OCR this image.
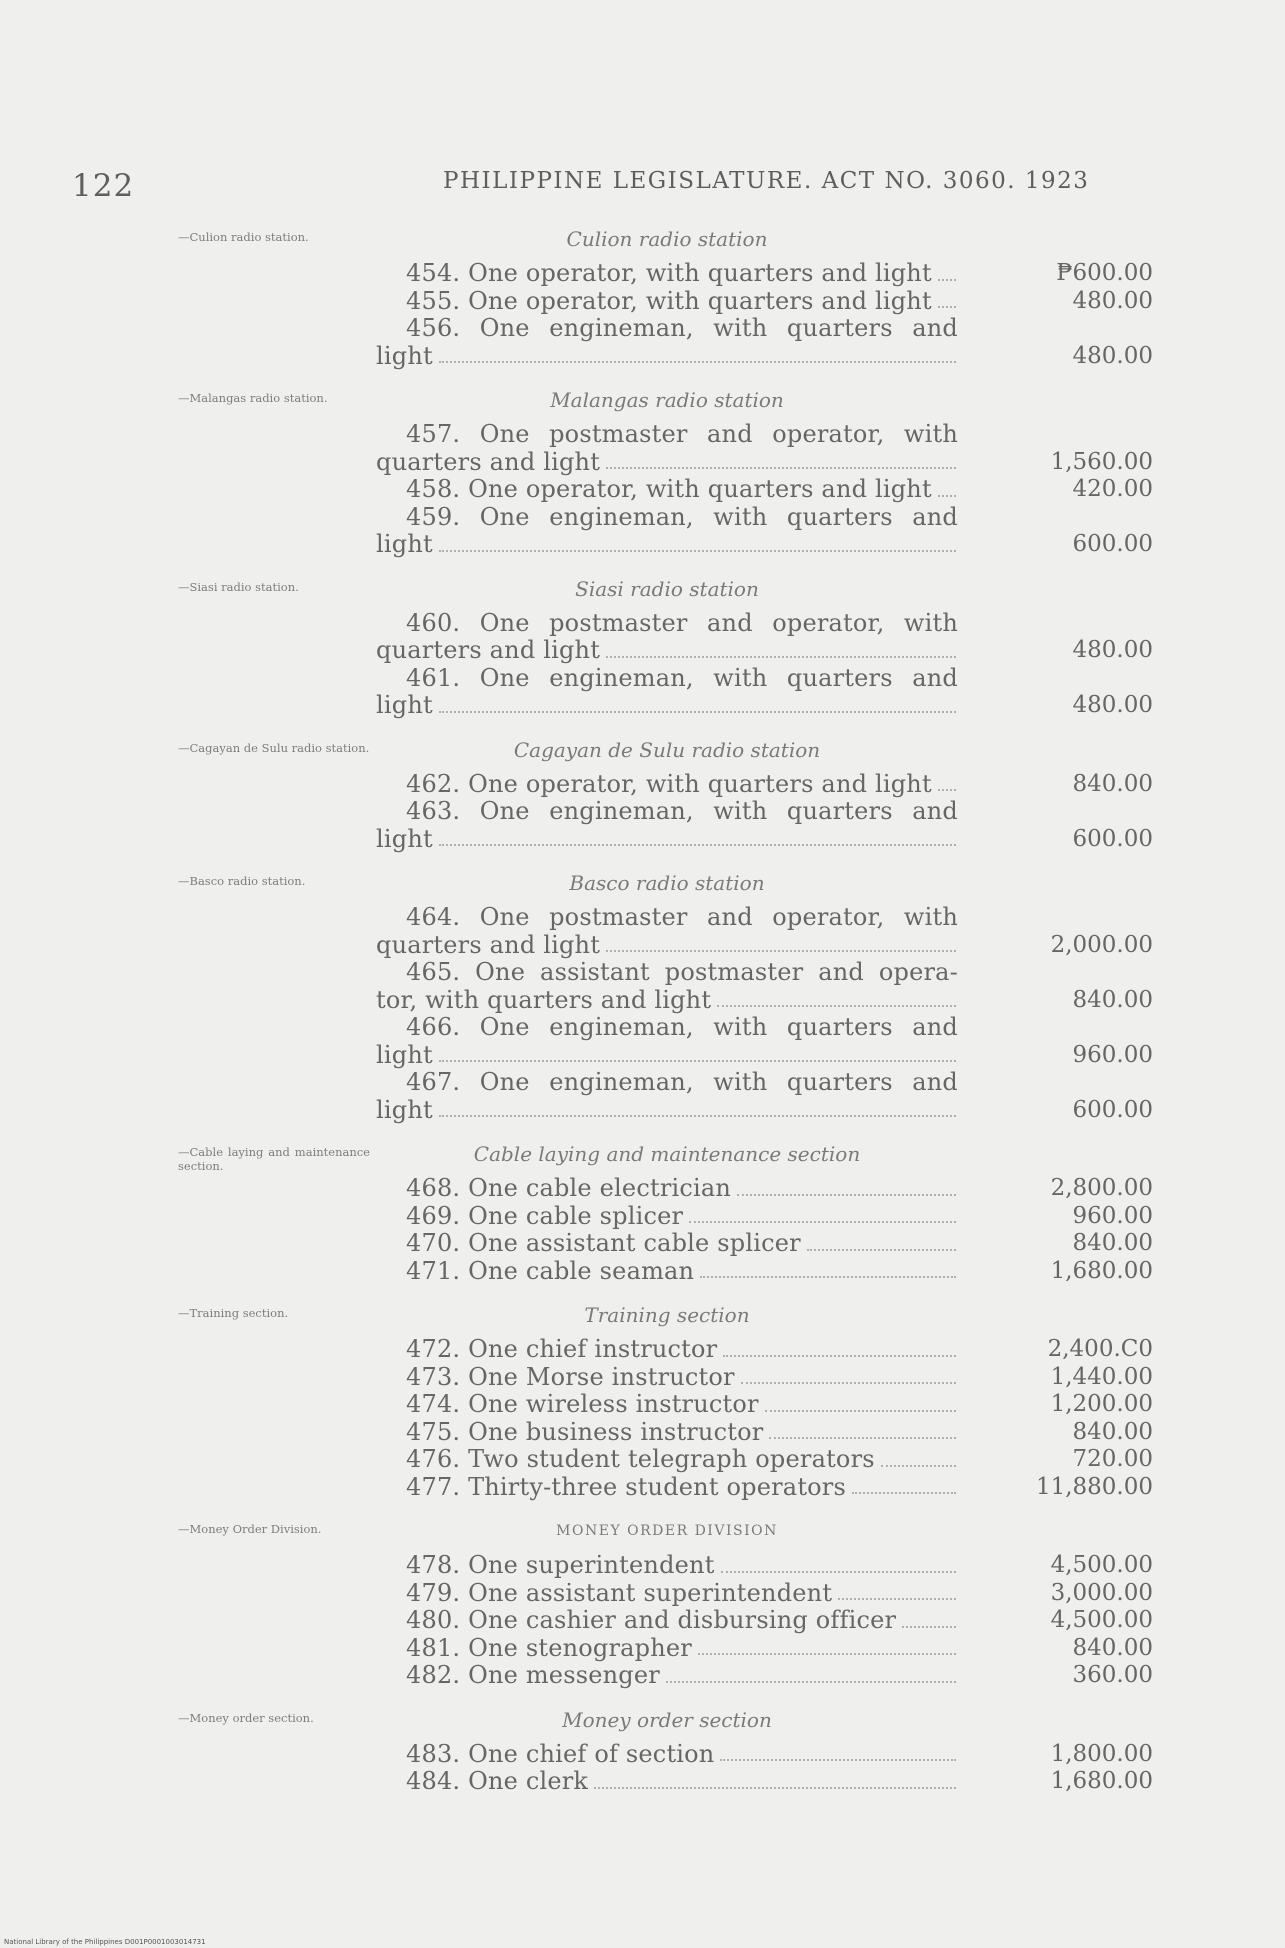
122	PHILIPPINE LEGISLATURE. ACT NO. 3060. 1923
—Culion radio station.	Culion radio station
454. One operator, with quarters and light	₱600.00
455. One operator, with quarters and light	480.00
456. One engineman, with quarters and
light	480.00
—Malangas radio station.	Malangas radio station
457. One postmaster and operator, with
quarters and light	1,560.00
458. One operator, with quarters and light	420.00
459. One engineman, with quarters and
light	600.00
—Siasi radio station.	Siasi radio station
460. One postmaster and operator, with
quarters and light	480.00
461. One engineman, with quarters and
light	480.00
—Cagayan de Sulu radio station.	Cagayan de Sulu radio station
462. One operator, with quarters and light	840.00
463. One engineman, with quarters and
light	600.00
—Basco radio station.	Basco radio station
464. One postmaster and operator, with
quarters and light	2,000.00
465. One assistant postmaster and opera-
tor, with quarters and light	840.00
466. One engineman, with quarters and
light	960.00
467. One engineman, with quarters and
light	600.00
—Cable laying and maintenance section.	Cable laying and maintenance section
468. One cable electrician	2,800.00
469. One cable splicer	960.00
470. One assistant cable splicer	840.00
471. One cable seaman	1,680.00
—Training section.	Training section
472. One chief instructor	2,400.C0
473. One Morse instructor	1,440.00
474. One wireless instructor	1,200.00
475. One business instructor	840.00
476. Two student telegraph operators	720.00
477. Thirty-three student operators	11,880.00
—Money Order Division.	MONEY ORDER DIVISION
478. One superintendent	4,500.00
479. One assistant superintendent	3,000.00
480. One cashier and disbursing officer	4,500.00
481. One stenographer	840.00
482. One messenger	360.00
—Money order section.	Money order section
483. One chief of section	1,800.00
484. One clerk	1,680.00
National Library of the Philippines D001P0001003014731
